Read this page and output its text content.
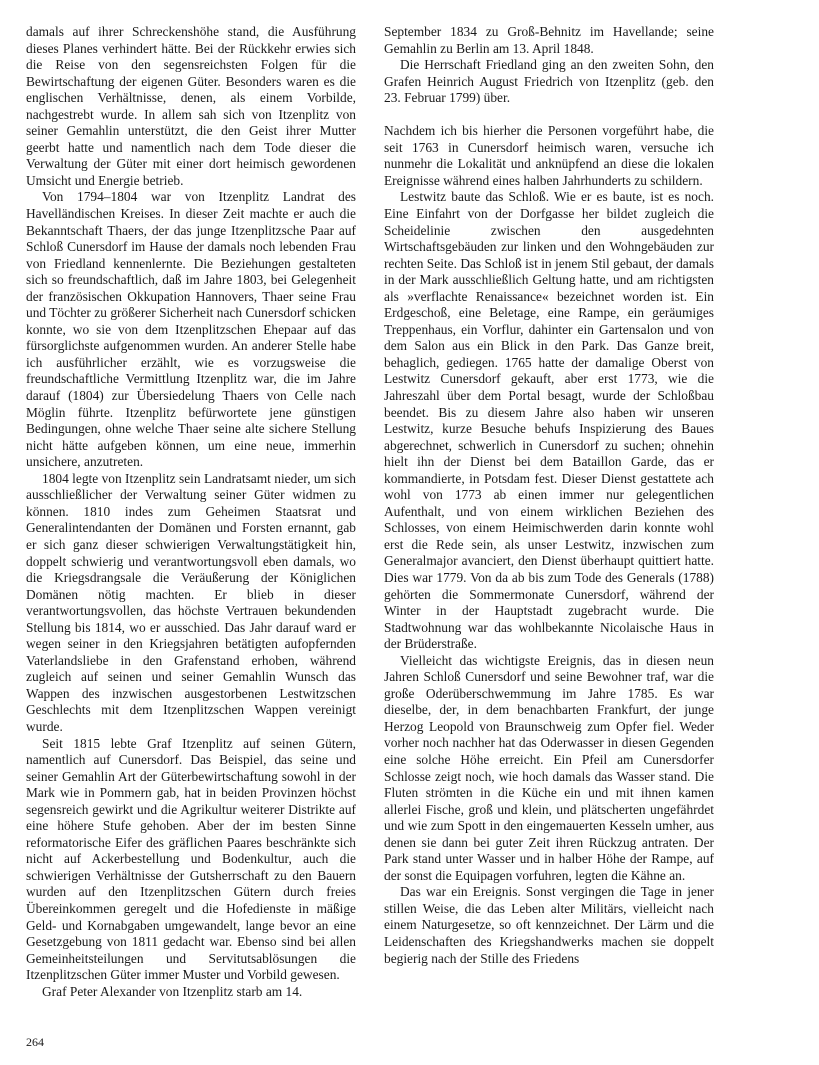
damals auf ihrer Schreckenshöhe stand, die Ausführung dieses Planes verhindert hätte. Bei der Rückkehr erwies sich die Reise von den segensreichsten Folgen für die Bewirtschaftung der eigenen Güter. Besonders waren es die englischen Verhältnisse, denen, als einem Vorbilde, nachgestrebt wurde. In allem sah sich von Itzenplitz von seiner Gemahlin unterstützt, die den Geist ihrer Mutter geerbt hatte und namentlich nach dem Tode dieser die Verwaltung der Güter mit einer dort heimisch gewordenen Umsicht und Energie betrieb.

Von 1794–1804 war von Itzenplitz Landrat des Havelländischen Kreises. In dieser Zeit machte er auch die Bekanntschaft Thaers, der das junge Itzenplitzsche Paar auf Schloß Cunersdorf im Hause der damals noch lebenden Frau von Friedland kennenlernte. Die Beziehungen gestalteten sich so freundschaftlich, daß im Jahre 1803, bei Gelegenheit der französischen Okkupation Hannovers, Thaer seine Frau und Töchter zu größerer Sicherheit nach Cunersdorf schicken konnte, wo sie von dem Itzenplitzschen Ehepaar auf das fürsorglichste aufgenommen wurden. An anderer Stelle habe ich ausführlicher erzählt, wie es vorzugsweise die freundschaftliche Vermittlung Itzenplitz war, die im Jahre darauf (1804) zur Übersiedelung Thaers von Celle nach Möglin führte. Itzenplitz befürwortete jene günstigen Bedingungen, ohne welche Thaer seine alte sichere Stellung nicht hätte aufgeben können, um eine neue, immerhin unsichere, anzutreten.

1804 legte von Itzenplitz sein Landratsamt nieder, um sich ausschließlicher der Verwaltung seiner Güter widmen zu können. 1810 indes zum Geheimen Staatsrat und Generalintendanten der Domänen und Forsten ernannt, gab er sich ganz dieser schwierigen Verwaltungstätigkeit hin, doppelt schwierig und verantwortungsvoll eben damals, wo die Kriegsdrangsale die Veräußerung der Königlichen Domänen nötig machten. Er blieb in dieser verantwortungsvollen, das höchste Vertrauen bekundenden Stellung bis 1814, wo er ausschied. Das Jahr darauf ward er wegen seiner in den Kriegsjahren betätigten aufopfernden Vaterlandsliebe in den Grafenstand erhoben, während zugleich auf seinen und seiner Gemahlin Wunsch das Wappen des inzwischen ausgestorbenen Lestwitzschen Geschlechts mit dem Itzenplitzschen Wappen vereinigt wurde.

Seit 1815 lebte Graf Itzenplitz auf seinen Gütern, namentlich auf Cunersdorf. Das Beispiel, das seine und seiner Gemahlin Art der Güterbewirtschaftung sowohl in der Mark wie in Pommern gab, hat in beiden Provinzen höchst segensreich gewirkt und die Agrikultur weiterer Distrikte auf eine höhere Stufe gehoben. Aber der im besten Sinne reformatorische Eifer des gräflichen Paares beschränkte sich nicht auf Ackerbestellung und Bodenkultur, auch die schwierigen Verhältnisse der Gutsherrschaft zu den Bauern wurden auf den Itzenplitzschen Gütern durch freies Übereinkommen geregelt und die Hofedienste in mäßige Geld- und Kornabgaben umgewandelt, lange bevor an eine Gesetzgebung von 1811 gedacht war. Ebenso sind bei allen Gemeinheitsteilungen und Servitutsablösungen die Itzenplitzschen Güter immer Muster und Vorbild gewesen.

Graf Peter Alexander von Itzenplitz starb am 14.

September 1834 zu Groß-Behnitz im Havellande; seine Gemahlin zu Berlin am 13. April 1848.

Die Herrschaft Friedland ging an den zweiten Sohn, den Grafen Heinrich August Friedrich von Itzenplitz (geb. den 23. Februar 1799) über.

Nachdem ich bis hierher die Personen vorgeführt habe, die seit 1763 in Cunersdorf heimisch waren, versuche ich nunmehr die Lokalität und anknüpfend an diese die lokalen Ereignisse während eines halben Jahrhunderts zu schildern.

Lestwitz baute das Schloß. Wie er es baute, ist es noch. Eine Einfahrt von der Dorfgasse her bildet zugleich die Scheidelinie zwischen den ausgedehnten Wirtschaftsgebäuden zur linken und den Wohngebäuden zur rechten Seite. Das Schloß ist in jenem Stil gebaut, der damals in der Mark ausschließlich Geltung hatte, und am richtigsten als »verflachte Renaissance« bezeichnet worden ist. Ein Erdgeschoß, eine Beletage, eine Rampe, ein geräumiges Treppenhaus, ein Vorflur, dahinter ein Gartensalon und von dem Salon aus ein Blick in den Park. Das Ganze breit, behaglich, gediegen. 1765 hatte der damalige Oberst von Lestwitz Cunersdorf gekauft, aber erst 1773, wie die Jahreszahl über dem Portal besagt, wurde der Schloßbau beendet. Bis zu diesem Jahre also haben wir unseren Lestwitz, kurze Besuche behufs Inspizierung des Baues abgerechnet, schwerlich in Cunersdorf zu suchen; ohnehin hielt ihn der Dienst bei dem Bataillon Garde, das er kommandierte, in Potsdam fest. Dieser Dienst gestattete ach wohl von 1773 ab einen immer nur gelegentlichen Aufenthalt, und von einem wirklichen Beziehen des Schlosses, von einem Heimischwerden darin konnte wohl erst die Rede sein, als unser Lestwitz, inzwischen zum Generalmajor avanciert, den Dienst überhaupt quittiert hatte. Dies war 1779. Von da ab bis zum Tode des Generals (1788) gehörten die Sommermonate Cunersdorf, während der Winter in der Hauptstadt zugebracht wurde. Die Stadtwohnung war das wohlbekannte Nicolaische Haus in der Brüderstraße.

Vielleicht das wichtigste Ereignis, das in diesen neun Jahren Schloß Cunersdorf und seine Bewohner traf, war die große Oderüberschwemmung im Jahre 1785. Es war dieselbe, der, in dem benachbarten Frankfurt, der junge Herzog Leopold von Braunschweig zum Opfer fiel. Weder vorher noch nachher hat das Oderwasser in diesen Gegenden eine solche Höhe erreicht. Ein Pfeil am Cunersdorfer Schlosse zeigt noch, wie hoch damals das Wasser stand. Die Fluten strömten in die Küche ein und mit ihnen kamen allerlei Fische, groß und klein, und plätscherten ungefährdet und wie zum Spott in den eingemauerten Kesseln umher, aus denen sie dann bei guter Zeit ihren Rückzug antraten. Der Park stand unter Wasser und in halber Höhe der Rampe, auf der sonst die Equipagen vorfuhren, legten die Kähne an.

Das war ein Ereignis. Sonst vergingen die Tage in jener stillen Weise, die das Leben alter Militärs, vielleicht nach einem Naturgesetze, so oft kennzeichnet. Der Lärm und die Leidenschaften des Kriegshandwerks machen sie doppelt begierig nach der Stille des Friedens

264
